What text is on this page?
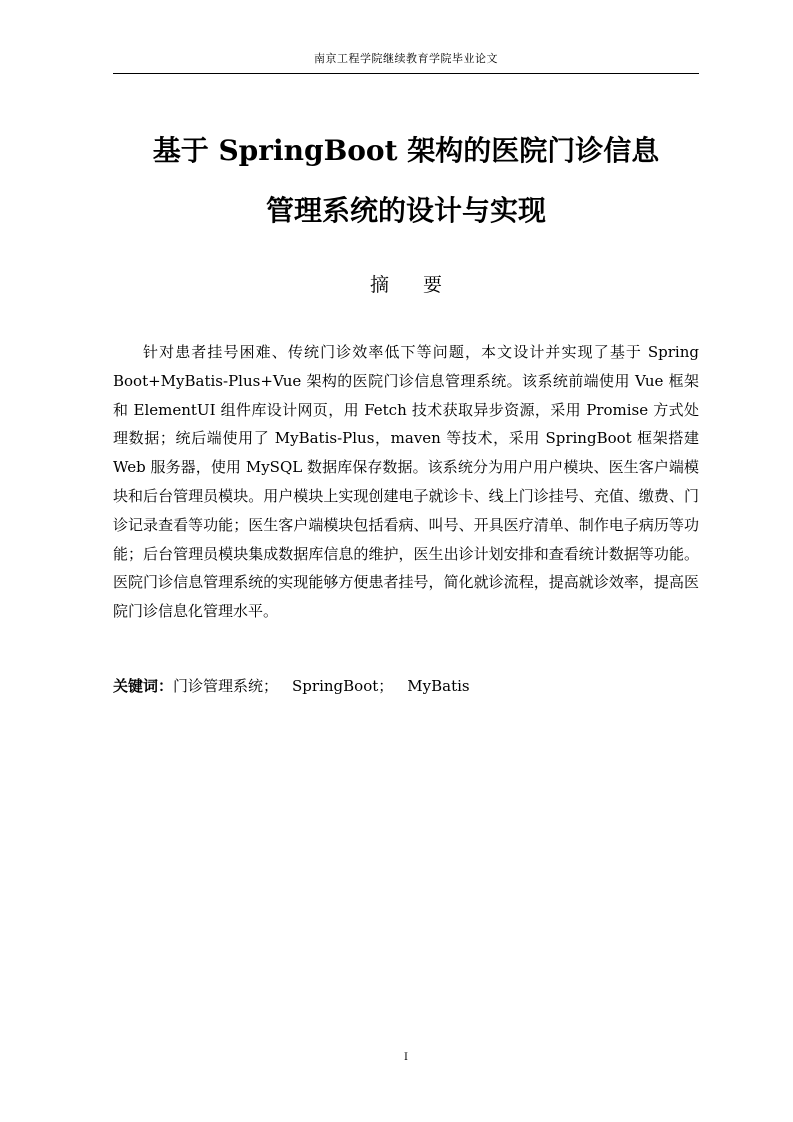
南京工程学院继续教育学院毕业论文
基于 SpringBoot 架构的医院门诊信息
管理系统的设计与实现
摘 要

针对患者挂号困难、传统门诊效率低下等问题，本文设计并实现了基于 Spring Boot+MyBatis-Plus+Vue 架构的医院门诊信息管理系统。该系统前端使用 Vue 框架和 ElementUI 组件库设计网页，用 Fetch 技术获取异步资源，采用 Promise 方式处理数据；统后端使用了 MyBatis-Plus，maven 等技术，采用 SpringBoot 框架搭建 Web 服务器，使用 MySQL 数据库保存数据。该系统分为用户用户模块、医生客户端模块和后台管理员模块。用户模块上实现创建电子就诊卡、线上门诊挂号、充值、缴费、门诊记录查看等功能；医生客户端模块包括看病、叫号、开具医疗清单、制作电子病历等功能；后台管理员模块集成数据库信息的维护，医生出诊计划安排和查看统计数据等功能。医院门诊信息管理系统的实现能够方便患者挂号，简化就诊流程，提高就诊效率，提高医院门诊信息化管理水平。

关键词：门诊管理系统； SpringBoot； MyBatis
I
